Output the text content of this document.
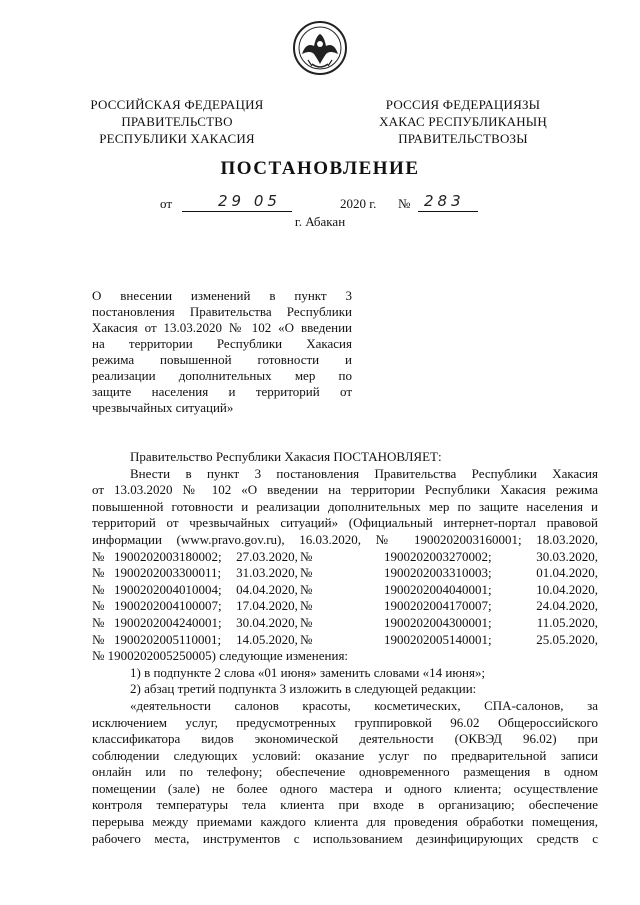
РОССИЙСКАЯ ФЕДЕРАЦИЯ
ПРАВИТЕЛЬСТВО
РЕСПУБЛИКИ ХАКАСИЯ
РОССИЯ ФЕДЕРАЦИЯЗЫ
ХАКАС РЕСПУБЛИКАНЫҢ
ПРАВИТЕЛЬСТВОЗЫ
ПОСТАНОВЛЕНИЕ
от	29 05	2020 г. № 283
г. Абакан
О внесении изменений в пункт 3
постановления Правительства Республики
Хакасия от 13.03.2020 № 102 «О введении
на территории Республики Хакасия
режима повышенной готовности и
реализации дополнительных мер по
защите населения и территорий от
чрезвычайных ситуаций»
Правительство Республики Хакасия ПОСТАНОВЛЯЕТ:
Внести в пункт 3 постановления Правительства Республики Хакасия
от 13.03.2020 № 102 «О введении на территории Республики Хакасия режима
повышенной готовности и реализации дополнительных мер по защите населения и
территорий от чрезвычайных ситуаций» (Официальный интернет-портал правовой
информации (www.pravo.gov.ru), 16.03.2020, № 1900202003160001; 18.03.2020,
№ 1900202003180002;	27.03.2020, №	1900202003270002;	30.03.2020,
№ 1900202003300011;	31.03.2020, №	1900202003310003;	01.04.2020,
№ 1900202004010004;	04.04.2020, №	1900202004040001;	10.04.2020,
№ 1900202004100007;	17.04.2020, №	1900202004170007;	24.04.2020,
№ 1900202004240001;	30.04.2020, №	1900202004300001;	11.05.2020,
№ 1900202005110001;	14.05.2020, №	1900202005140001;	25.05.2020,
№ 1900202005250005) следующие изменения:
1) в подпункте 2 слова «01 июня» заменить словами «14 июня»;
2) абзац третий подпункта 3 изложить в следующей редакции:
«деятельности салонов красоты, косметических, СПА-салонов, за
исключением услуг, предусмотренных группировкой 96.02 Общероссийского
классификатора видов экономической деятельности (ОКВЭД 96.02) при
соблюдении следующих условий: оказание услуг по предварительной записи
онлайн или по телефону; обеспечение одновременного размещения в одном
помещении (зале) не более одного мастера и одного клиента; осуществление
контроля температуры тела клиента при входе в организацию; обеспечение
перерыва между приемами каждого клиента для проведения обработки помещения,
рабочего места, инструментов с использованием дезинфицирующих средств с
